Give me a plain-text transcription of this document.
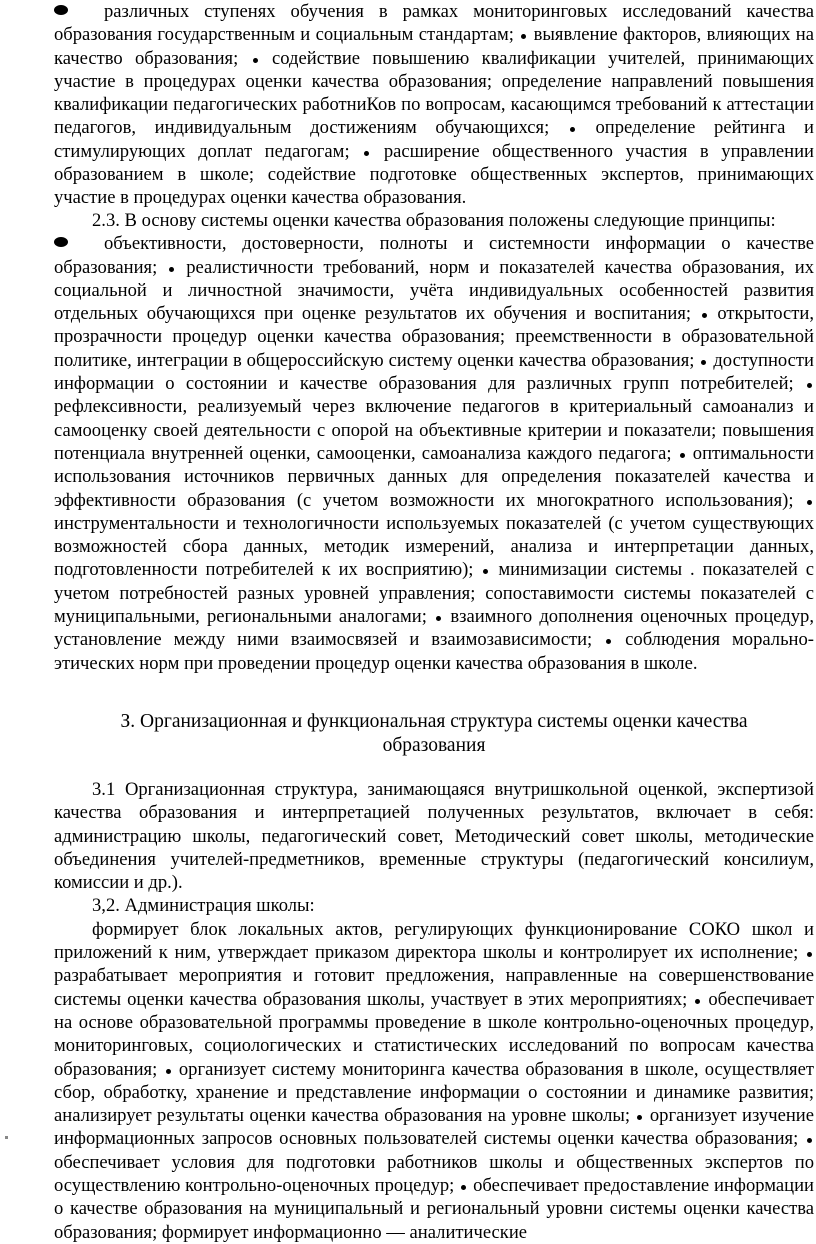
различных ступенях обучения в рамках мониторинговых исследований качества образования государственным и социальным стандартам; выявление факторов, влияющих на качество образования; содействие повышению квалификации учителей, принимающих участие в процедурах оценки качества образования; определение направлений повышения квалификации педагогических работниКов по вопросам, касающимся требований к аттестации педагогов, индивидуальным достижениям обучающихся; определение рейтинга и стимулирующих доплат педагогам; расширение общественного участия в управлении образованием в школе; содействие подготовке общественных экспертов, принимающих участие в процедурах оценки качества образования.

2.3. В основу системы оценки качества образования положены следующие принципы:

объективности, достоверности, полноты и системности информации о качестве образования; реалистичности требований, норм и показателей качества образования, их социальной и личностной значимости, учёта индивидуальных особенностей развития отдельных обучающихся при оценке результатов их обучения и воспитания; открытости, прозрачности процедур оценки качества образования; преемственности в образовательной политике, интеграции в общероссийскую систему оценки качества образования; доступности информации о состоянии и качестве образования для различных групп потребителей;  рефлексивности, реализуемый через включение педагогов в критериальный самоанализ и самооценку своей деятельности с опорой на объективные критерии и показатели; повышения потенциала внутренней оценки, самооценки, самоанализа каждого педагога; оптимальности использования источников первичных данных для определения показателей качества и эффективности образования (с учетом возможности их многократного использования);  инструментальности и технологичности используемых показателей (с учетом существующих возможностей сбора данных, методик измерений, анализа и интерпретации данных, подготовленности потребителей к их восприятию); минимизации системы . показателей с учетом потребностей разных уровней управления; сопоставимости системы показателей с муниципальными, региональными аналогами; взаимного дополнения оценочных процедур, установление между ними взаимосвязей и взаимозависимости; соблюдения морально-этических норм при проведении процедур оценки качества образования в школе.

З. Организационная и функциональная структура системы оценки качества
образования

3.1 Организационная структура, занимающаяся внутришкольной оценкой, экспертизой качества образования и интерпретацией полученных результатов, включает в себя: администрацию школы, педагогический совет, Методический совет школы, методические объединения учителей-предметников, временные структуры (педагогический консилиум, комиссии и др.).

3,2. Администрация школы:

формирует блок локальных актов, регулирующих функционирование СОКО школ и приложений к ним, утверждает приказом директора школы и контролирует их исполнение;  разрабатывает мероприятия и готовит предложения, направленные на совершенствование системы оценки качества образования школы, участвует в этих мероприятиях; обеспечивает на основе образовательной программы проведение в школе контрольно-оценочных процедур, мониторинговых, социологических и статистических исследований по вопросам качества образования; организует систему мониторинга качества образования в школе, осуществляет сбор, обработку, хранение и представление информации о состоянии и динамике развития; анализирует результаты оценки качества образования на уровне школы; организует изучение информационных запросов основных пользователей системы оценки качества образования;  обеспечивает условия для подготовки работников школы и общественных экспертов по осуществлению контрольно-оценочных процедур; обеспечивает предоставление информации о качестве образования на муниципальный и региональный уровни системы оценки качества образования; формирует информационно — аналитические
